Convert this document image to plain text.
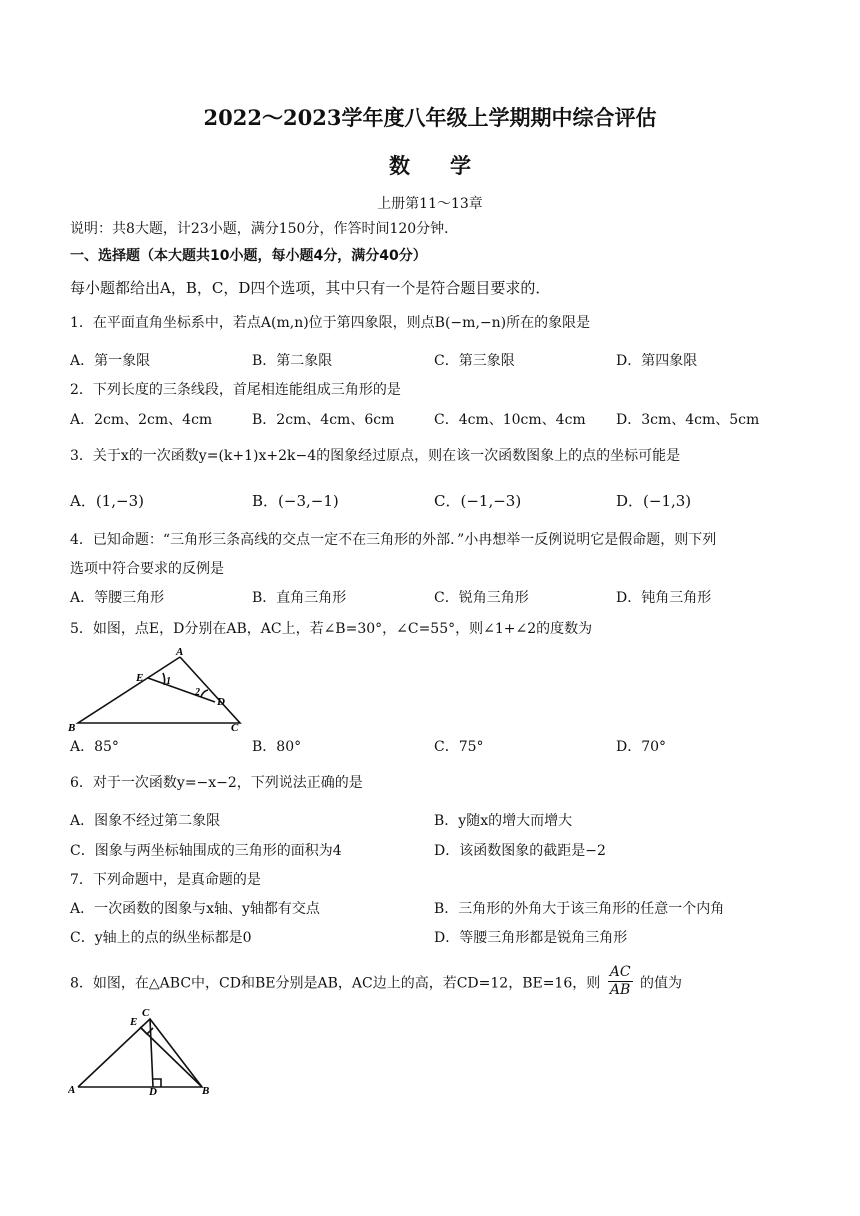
2022～2023学年度八年级上学期期中综合评估
数学
上册第11～13章
说明：共8大题，计23小题，满分150分，作答时间120分钟．
一、选择题（本大题共10小题，每小题4分，满分40分）
每小题都给出A，B，C，D四个选项，其中只有一个是符合题目要求的．
1．在平面直角坐标系中，若点A(m,n)位于第四象限，则点B(−m,−n)所在的象限是
A．第一象限	B．第二象限	C．第三象限	D．第四象限
2．下列长度的三条线段，首尾相连能组成三角形的是
A．2cm、2cm、4cm	B．2cm、4cm、6cm	C．4cm、10cm、4cm D．3cm、4cm、5cm
3．关于x的一次函数y=(k+1)x+2k−4的图象经过原点，则在该一次函数图象上的点的坐标可能是
A．(1,−3)	B．(−3,−1)	C．(−1,−3)	D．(−1,3)
4．已知命题：“三角形三条高线的交点一定不在三角形的外部．”小冉想举一反例说明它是假命题，则下列
选项中符合要求的反例是
A．等腰三角形	B．直角三角形	C．锐角三角形	D．钝角三角形
5．如图，点E，D分别在AB，AC上，若∠B=30°，∠C=55°，则∠1+∠2的度数为
A
E 1
2
D
B	C
A．85°	B．80°	C．75°	D．70°
6．对于一次函数y=−x−2，下列说法正确的是
A．图象不经过第二象限	B．y随x的增大而增大
C．图象与两坐标轴围成的三角形的面积为4	D．该函数图象的截距是−2
7．下列命题中，是真命题的是
A．一次函数的图象与x轴、y轴都有交点	B．三角形的外角大于该三角形的任意一个内角
C．y轴上的点的纵坐标都是0	D．等腰三角形都是锐角三角形
8．如图，在△ABC中，CD和BE分别是AB，AC边上的高，若CD=12，BE=16，则 $\frac{AC}{AB}$ 的值为
C
E
A	D	B
